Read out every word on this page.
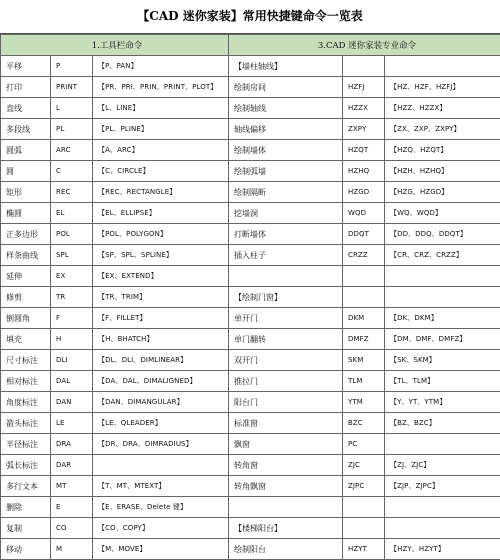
【CAD 迷你家装】常用快捷键命令一览表
1.工具栏命令			3.CAD 迷你家装专业命令		
平移	P	【P、PAN】	【墙柱轴线】		
打印	PRINT	【PR、PRI、PRIN、PRINT、PLOT】	绘制房间	HZFJ	【HZ、HZF、HZFJ】
直线	L	【L、LINE】	绘制轴线	HZZX	【HZZ、HZZX】
多段线	PL	【PL、PLINE】	轴线偏移	ZXPY	【ZX、ZXP、ZXPY】
圆弧	ARC	【A、ARC】	绘制墙体	HZQT	【HZQ、HZQT】
圆	C	【C、CIRCLE】	绘制弧墙	HZHQ	【HZH、HZHQ】
矩形	REC	【REC、RECTANGLE】	绘制隔断	HZGD	【HZG、HZGD】
椭圆	EL	【EL、ELLIPSE】	挖墙洞	WQD	【WQ、WQD】
正多边形	POL	【POL、POLYGON】	打断墙体	DDQT	【DD、DDQ、DDQT】
样条曲线	SPL	【SP、SPL、SPLINE】	插入柱子	CRZZ	【CR、CRZ、CRZZ】
延伸	EX	【EX、EXTEND】			
修剪	TR	【TR、TRIM】	【绘制门窗】		
倒圆角	F	【F、FILLET】	单开门	DKM	【DK、DKM】
填充	H	【H、BHATCH】	单门翻转	DMFZ	【DM、DMF、DMFZ】
尺寸标注	DLI	【DL、DLI、DIMLINEAR】	双开门	SKM	【SK、SKM】
相对标注	DAL	【DA、DAL、DIMALIGNED】	推拉门	TLM	【TL、TLM】
角度标注	DAN	【DAN、DIMANGULAR】	阳台门	YTM	【Y、YT、YTM】
箭头标注	LE	【LE、QLEADER】	标准窗	BZC	【BZ、BZC】
半径标注	DRA	【DR、DRA、DIMRADIUS】	飘窗	PC	
弧长标注	DAR		转角窗	ZJC	【ZJ、ZJC】
多行文本	MT	【T、MT、MTEXT】	转角飘窗	ZJPC	【ZJP、ZJPC】
删除	E	【E、ERASE、Delete 键】			
复制	CO	【CO、COPY】	【楼梯阳台】		
移动	M	【M、MOVE】	绘制阳台	HZYT	【HZY、HZYT】
